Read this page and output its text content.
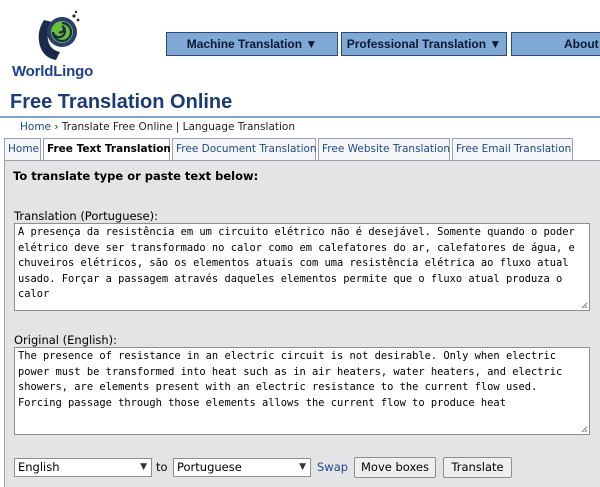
WorldLingo
Machine Translation ▼	Professional Translation ▼	About
Free Translation Online
Home › Translate Free Online | Language Translation
Home Free Text Translation Free Document Translation Free Website Translation Free Email Translation
To translate type or paste text below:
Translation (Portuguese):
A presença da resistência em um circuito elétrico não é desejável. Somente quando o poder elétrico deve ser transformado no calor como em calefatores do ar, calefatores de água, e chuveiros elétricos, são os elementos atuais com uma resistência elétrica ao fluxo atual usado. Forçar a passagem através daqueles elementos permite que o fluxo atual produza o calor
Original (English):
The presence of resistance in an electric circuit is not desirable. Only when electric power must be transformed into heat such as in air heaters, water heaters, and electric showers, are elements present with an electric resistance to the current flow used. Forcing passage through those elements allows the current flow to produce heat
English	▼ to Portuguese	▼ Swap	Move boxes	Translate
